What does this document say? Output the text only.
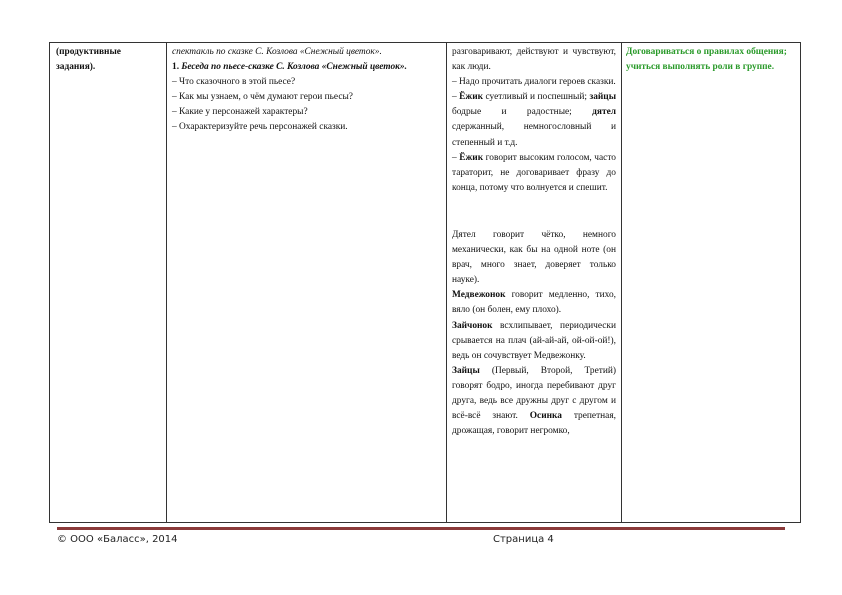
(продуктивные задания).

спектакль по сказке С. Козлова «Снежный цветок».

1. Беседа по пьесе-сказке С. Козлова «Снежный цветок».

– Что сказочного в этой пьесе?

– Как мы узнаем, о чём думают герои пьесы?

– Какие у персонажей характеры?

– Охарактеризуйте речь персонажей сказки.

разговаривают, действуют и чувствуют, как люди.

– Надо прочитать диалоги героев сказки.

– Ёжик суетливый и поспешный; зайцы бодрые и радостные; дятел сдержанный, немногословный и степенный и т.д.

– Ёжик говорит высоким голосом, часто тараторит, не договаривает фразу до конца, потому что волнуется и спешит.

Дятел говорит чётко, немного механически, как бы на одной ноте (он врач, много знает, доверяет только науке).

Медвежонок говорит медленно, тихо, вяло (он болен, ему плохо).

Зайчонок всхлипывает, периодически срывается на плач (ай-ай-ай, ой-ой-ой!), ведь он сочувствует Медвежонку.

Зайцы (Первый, Второй, Третий) говорят бодро, иногда перебивают друг друга, ведь все дружны друг с другом и всё-всё знают. Осинка трепетная, дрожащая, говорит негромко,

Договариваться о правилах общения; учиться выполнять роли в группе.
© ООО «Баласс», 2014	Страница 4
